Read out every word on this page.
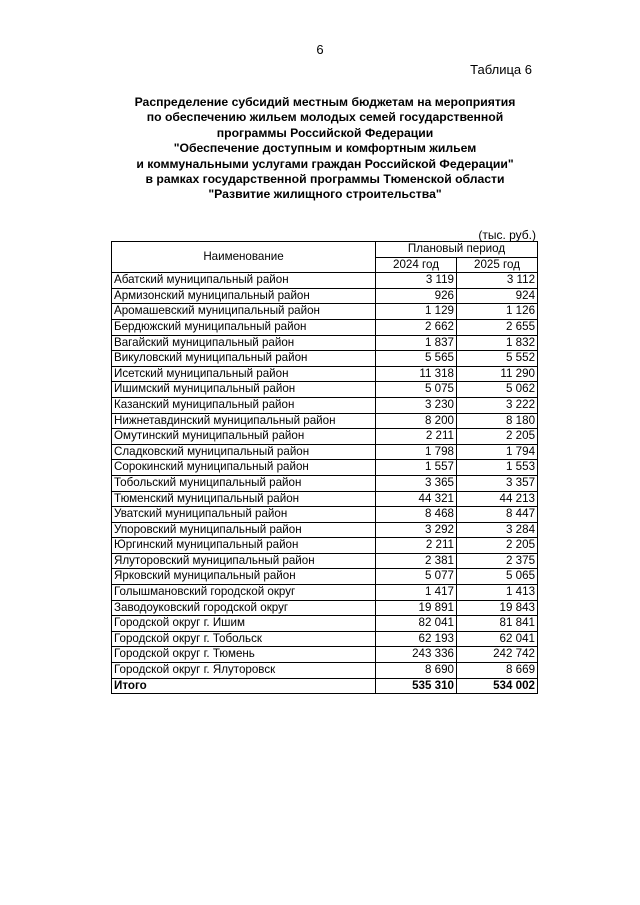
6
Таблица 6
Распределение субсидий местным бюджетам на мероприятия
по обеспечению жильем молодых семей государственной
программы Российской Федерации
"Обеспечение доступным и комфортным жильем
и коммунальными услугами граждан Российской Федерации"
в рамках государственной программы Тюменской области
"Развитие жилищного строительства"
(тыс. руб.)
Наименование	Плановый период	
	2024 год	2025 год
Абатский муниципальный район	3 119	3 112
Армизонский муниципальный район	926	924
Аромашевский муниципальный район	1 129	1 126
Бердюжский муниципальный район	2 662	2 655
Вагайский муниципальный район	1 837	1 832
Викуловский муниципальный район	5 565	5 552
Исетский муниципальный район	11 318	11 290
Ишимский муниципальный район	5 075	5 062
Казанский муниципальный район	3 230	3 222
Нижнетавдинский муниципальный район	8 200	8 180
Омутинский муниципальный район	2 211	2 205
Сладковский муниципальный район	1 798	1 794
Сорокинский муниципальный район	1 557	1 553
Тобольский муниципальный район	3 365	3 357
Тюменский муниципальный район	44 321	44 213
Уватский муниципальный район	8 468	8 447
Упоровский муниципальный район	3 292	3 284
Юргинский муниципальный район	2 211	2 205
Ялуторовский муниципальный район	2 381	2 375
Ярковский муниципальный район	5 077	5 065
Голышмановский городской округ	1 417	1 413
Заводоуковский городской округ	19 891	19 843
Городской округ г. Ишим	82 041	81 841
Городской округ г. Тобольск	62 193	62 041
Городской округ г. Тюмень	243 336	242 742
Городской округ г. Ялуторовск	8 690	8 669
Итого	535 310	534 002
